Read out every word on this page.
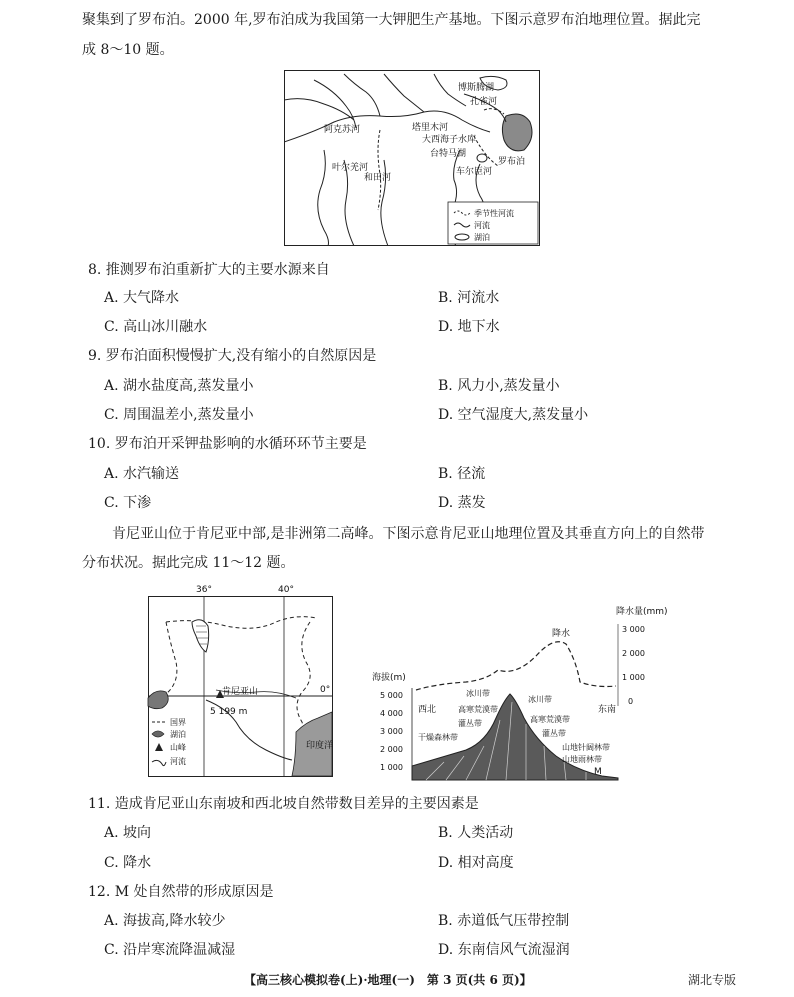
聚集到了罗布泊。2000 年,罗布泊成为我国第一大钾肥生产基地。下图示意罗布泊地理位置。据此完
成 8～10 题。
博斯腾湖
塔里木河
孔雀河
阿克苏河
叶尔羌河
和田河
大西海子水库
台特马湖
车尔臣河
罗布泊
季节性河流
河流
湖泊
8. 推测罗布泊重新扩大的主要水源来自
A. 大气降水	B. 河流水
C. 高山冰川融水	D. 地下水
9. 罗布泊面积慢慢扩大,没有缩小的自然原因是
A. 湖水盐度高,蒸发量小	B. 风力小,蒸发量小
C. 周围温差小,蒸发量小	D. 空气湿度大,蒸发量小
10. 罗布泊开采钾盐影响的水循环环节主要是
A. 水汽输送	B. 径流
C. 下渗	D. 蒸发
肯尼亚山位于肯尼亚中部,是非洲第二高峰。下图示意肯尼亚山地理位置及其垂直方向上的自然带
分布状况。据此完成 11～12 题。
36°	40°
0°
印度洋
肯尼亚山
5 199 m
国界
湖泊
山峰
河流
降水量(mm)
3 000
2 000
1 000
0
降水
海拔(m)
5 000
4 000
3 000
2 000
1 000
西北	东南
冰川带
冰川带
高寒荒漠带
灌丛带
干燥森林带
高寒荒漠带
灌丛带
山地针阔林带
山地雨林带
M
11. 造成肯尼亚山东南坡和西北坡自然带数目差异的主要因素是
A. 坡向	B. 人类活动
C. 降水	D. 相对高度
12. M 处自然带的形成原因是
A. 海拔高,降水较少	B. 赤道低气压带控制
C. 沿岸寒流降温减湿	D. 东南信风气流湿润
【高三核心模拟卷(上)·地理(一)　第 3 页(共 6 页)】	湖北专版
